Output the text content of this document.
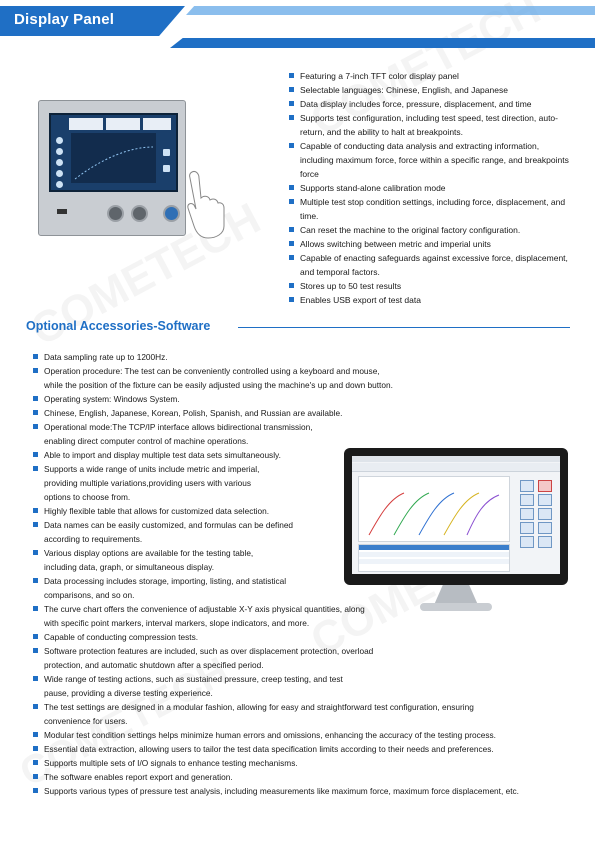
Display Panel
Featuring a 7-inch TFT color display panel
Selectable languages: Chinese, English, and Japanese
Data display includes force, pressure, displacement, and time
Supports test configuration, including test speed, test direction, auto-return, and the ability to halt at breakpoints.
Capable of conducting data analysis and extracting information, including maximum force, force within a specific range, and breakpoints force
Supports stand-alone calibration mode
Multiple test stop condition settings, including force, displacement, and time.
Can reset the machine to the original factory configuration.
Allows switching between metric and imperial units
Capable of enacting safeguards against excessive force, displacement, and temporal factors.
Stores up to 50 test results
Enables USB export of test data
Optional Accessories-Software
Data sampling rate up to 1200Hz.
Operation procedure: The test can be conveniently controlled using a keyboard and mouse, while the position of the fixture can be easily adjusted using the machine's up and down button.
Operating system: Windows System.
Chinese, English, Japanese, Korean, Polish, Spanish, and Russian are available.
Operational mode:The TCP/IP interface allows bidirectional transmission, enabling direct computer control of machine operations.
Able to import and display multiple test data sets simultaneously.
Supports a wide range of units include metric and imperial, providing multiple variations,providing users with various options to choose from.
Highly flexible table that allows for customized data selection.
Data names can be easily customized, and formulas can be defined according to requirements.
Various display options are available for the testing table, including data, graph, or simultaneous display.
Data processing includes storage, importing, listing, and statistical comparisons, and so on.
The curve chart offers the convenience of adjustable X-Y axis physical quantities, along with specific point markers, interval markers, slope indicators, and more.
Capable of conducting compression tests.
Software protection features are included, such as over displacement protection, overload protection, and automatic shutdown after a specified period.
Wide range of testing actions, such as sustained pressure, creep testing, and test pause, providing a diverse testing experience.
The test settings are designed in a modular fashion, allowing for easy and straightforward test configuration, ensuring convenience for users.
Modular test condition settings helps minimize human errors and omissions, enhancing the accuracy of the testing process.
Essential data extraction, allowing users to tailor the test data specification limits according to their needs and preferences.
Supports multiple sets of I/O signals to enhance testing mechanisms.
The software enables report export and generation.
Supports various types of pressure test analysis, including measurements like maximum force, maximum force displacement, etc.
